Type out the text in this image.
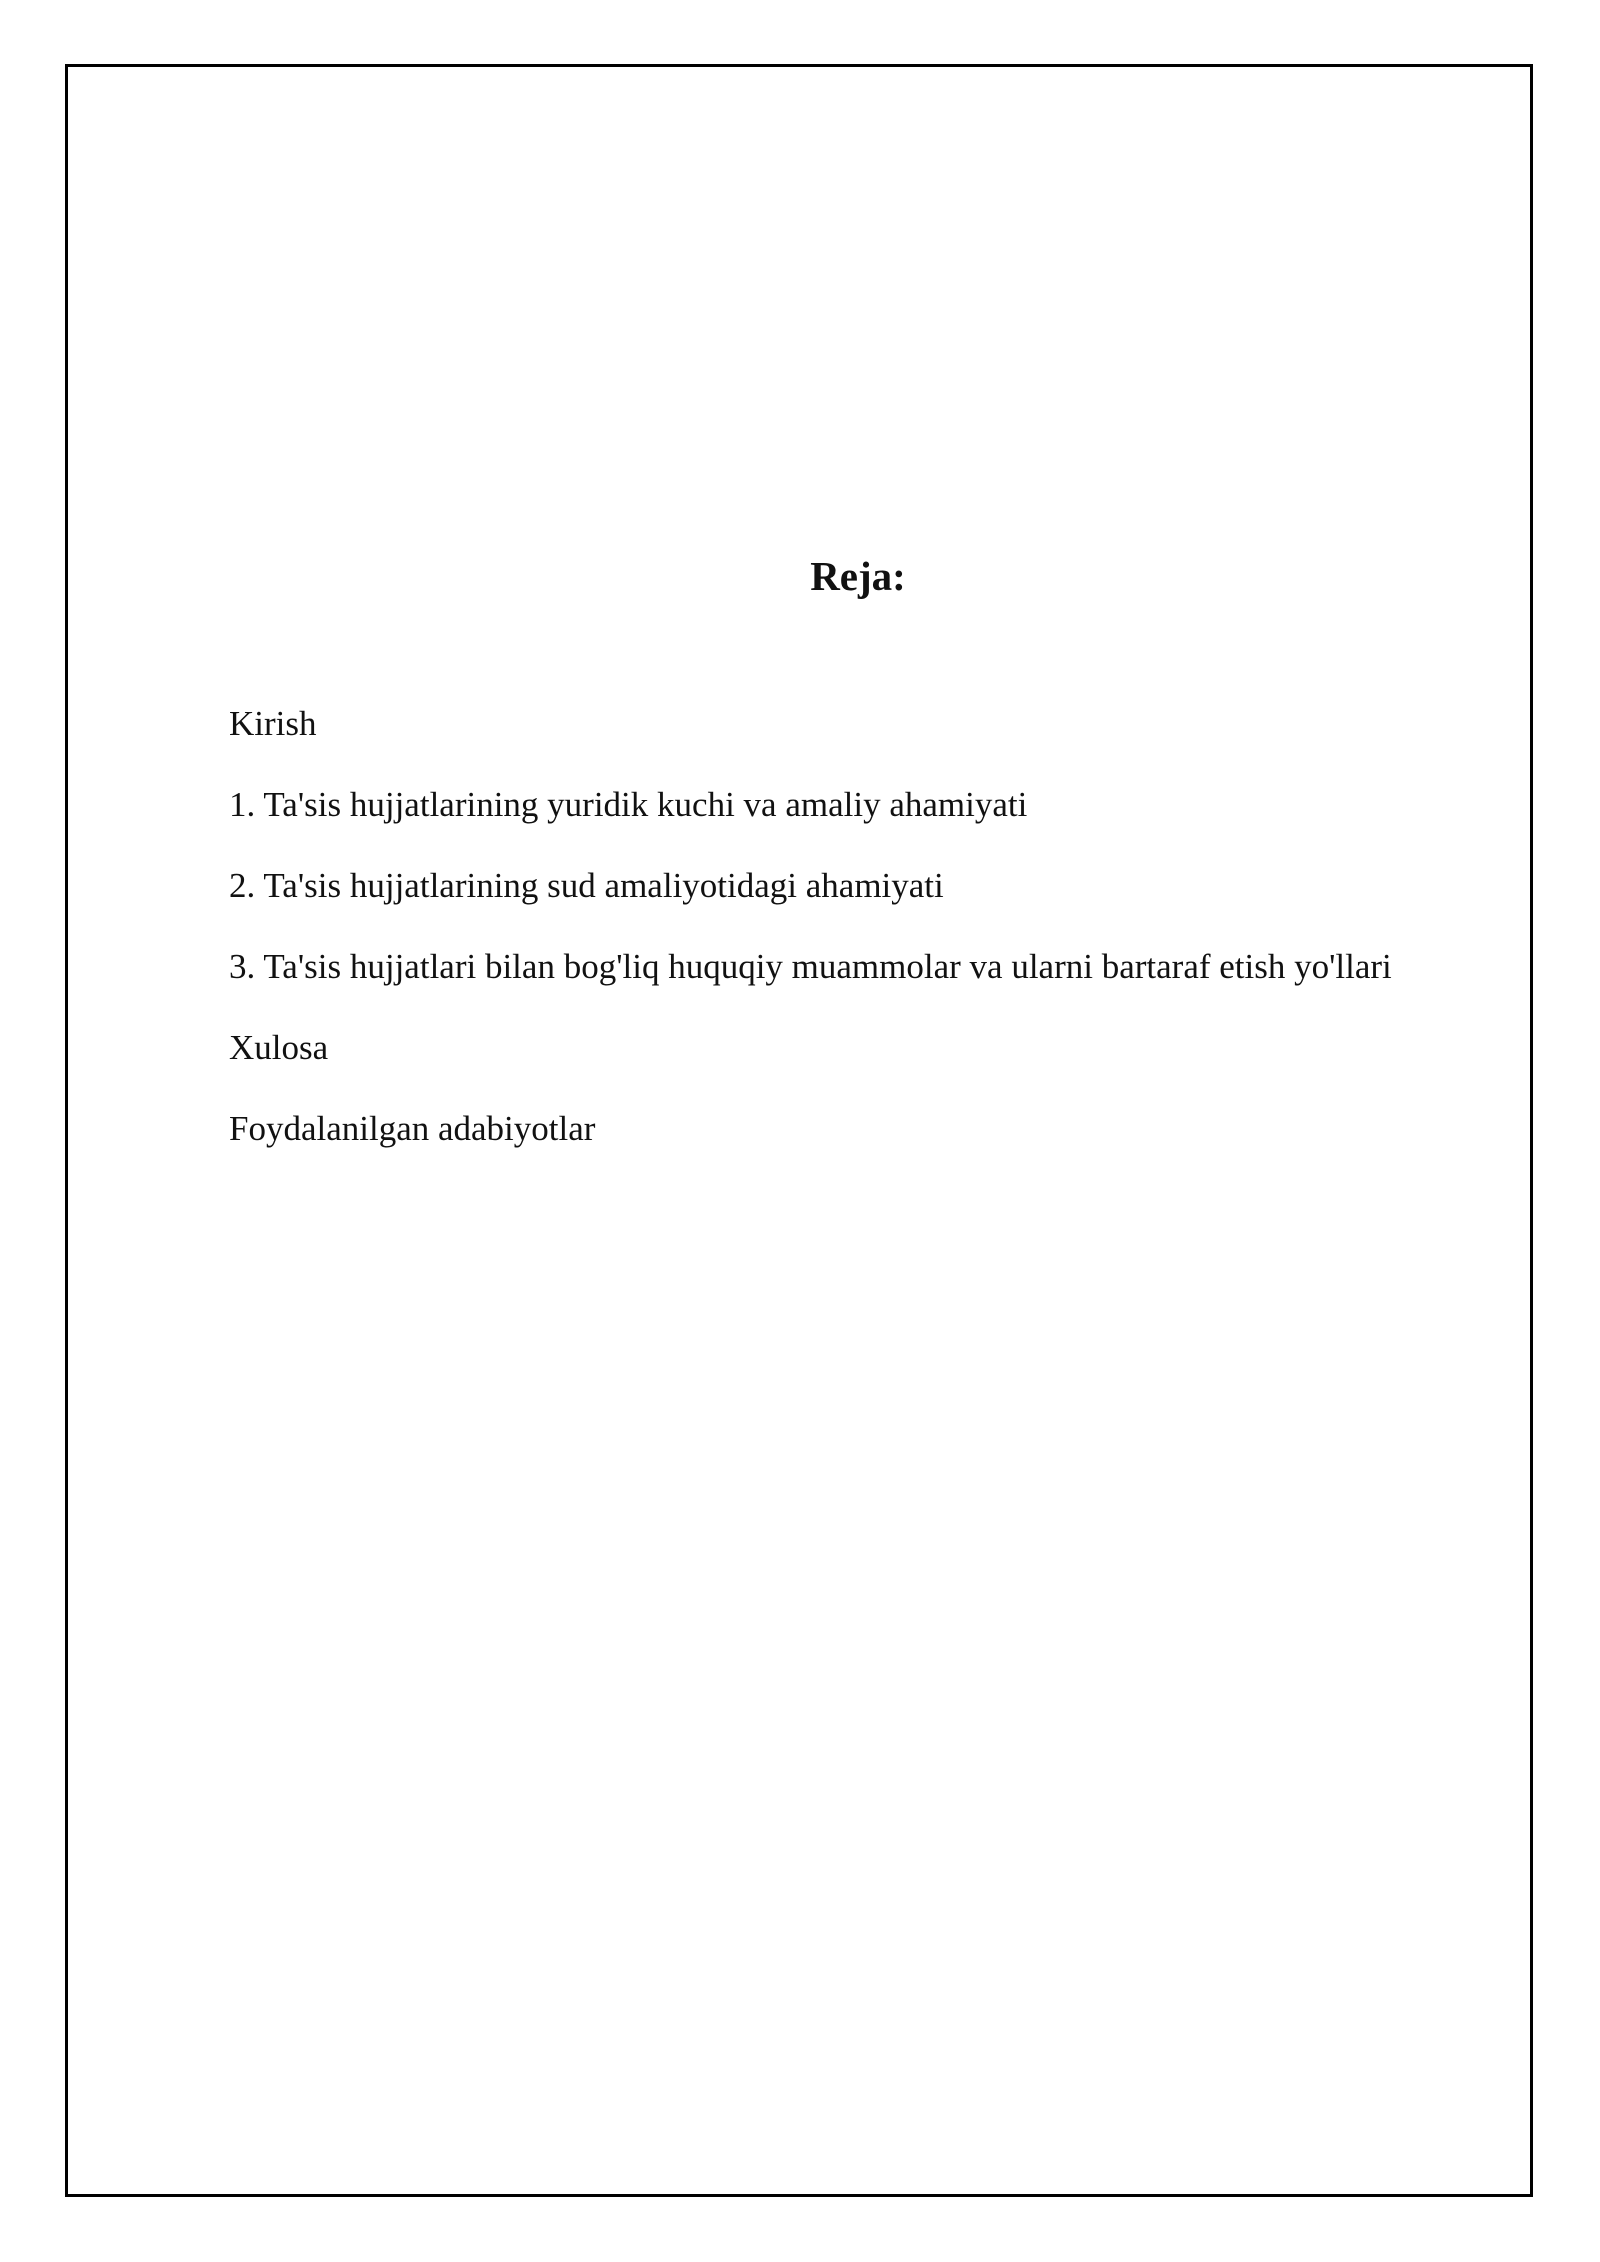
Reja:
Kirish
1. Ta'sis hujjatlarining yuridik kuchi va amaliy ahamiyati
2. Ta'sis hujjatlarining sud amaliyotidagi ahamiyati
3. Ta'sis hujjatlari bilan bog'liq huquqiy muammolar va ularni bartaraf etish yo'llari
Xulosa
Foydalanilgan adabiyotlar
